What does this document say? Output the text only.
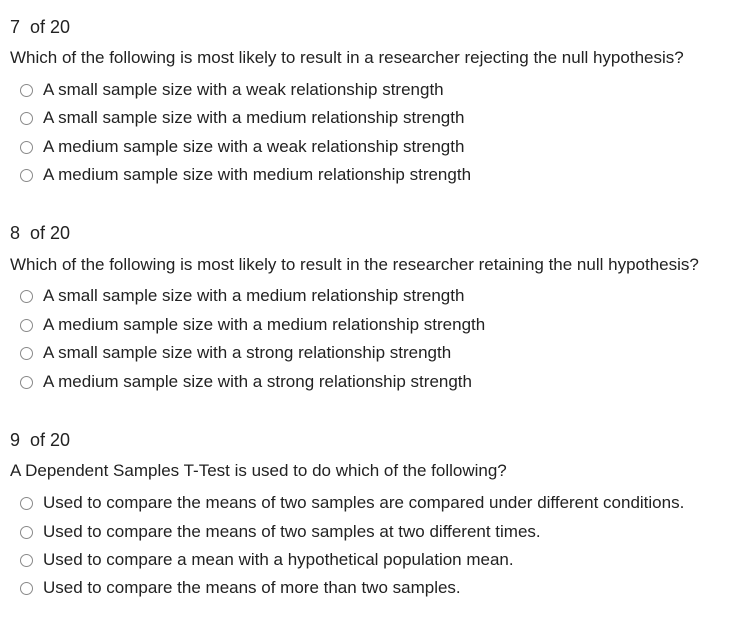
7  of 20
Which of the following is most likely to result in a researcher rejecting the null hypothesis?
A small sample size with a weak relationship strength
A small sample size with a medium relationship strength
A medium sample size with a weak relationship strength
A medium sample size with medium relationship strength
8  of 20
Which of the following is most likely to result in the researcher retaining the null hypothesis?
A small sample size with a medium relationship strength
A medium sample size with a medium relationship strength
A small sample size with a strong relationship strength
A medium sample size with a strong relationship strength
9  of 20
A Dependent Samples T-Test is used to do which of the following?
Used to compare the means of two samples are compared under different conditions.
Used to compare the means of two samples at two different times.
Used to compare a mean with a hypothetical population mean.
Used to compare the means of more than two samples.
